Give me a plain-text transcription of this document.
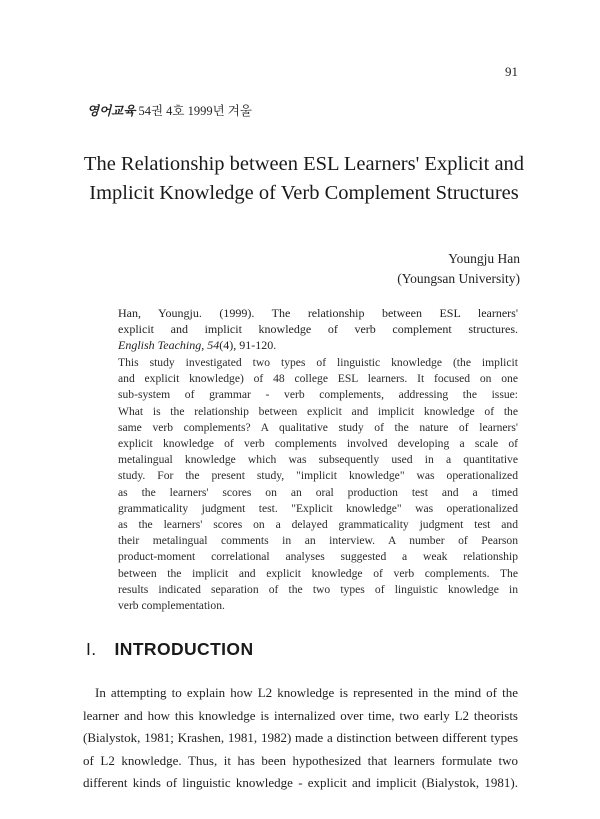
91
영어교육 54권 4호 1999년 겨울
The Relationship between ESL Learners' Explicit and
Implicit Knowledge of Verb Complement Structures
Youngju Han
(Youngsan University)
Han, Youngju. (1999). The relationship between ESL learners'
explicit and implicit knowledge of verb complement structures.
English Teaching, 54(4), 91-120.
This study investigated two types of linguistic knowledge (the implicit
and explicit knowledge) of 48 college ESL learners. It focused on one
sub-system of grammar - verb complements, addressing the issue:
What is the relationship between explicit and implicit knowledge of the
same verb complements? A qualitative study of the nature of learners'
explicit knowledge of verb complements involved developing a scale of
metalingual knowledge which was subsequently used in a quantitative
study. For the present study, "implicit knowledge" was operationalized
as the learners' scores on an oral production test and a timed
grammaticality judgment test. "Explicit knowledge" was operationalized
as the learners' scores on a delayed grammaticality judgment test and
their metalingual comments in an interview. A number of Pearson
product-moment correlational analyses suggested a weak relationship
between the implicit and explicit knowledge of verb complements. The
results indicated separation of the two types of linguistic knowledge in
verb complementation.
I. INTRODUCTION
In attempting to explain how L2 knowledge is represented in the mind of the
learner and how this knowledge is internalized over time, two early L2 theorists
(Bialystok, 1981; Krashen, 1981, 1982) made a distinction between different types
of L2 knowledge. Thus, it has been hypothesized that learners formulate two
different kinds of linguistic knowledge - explicit and implicit (Bialystok, 1981).
